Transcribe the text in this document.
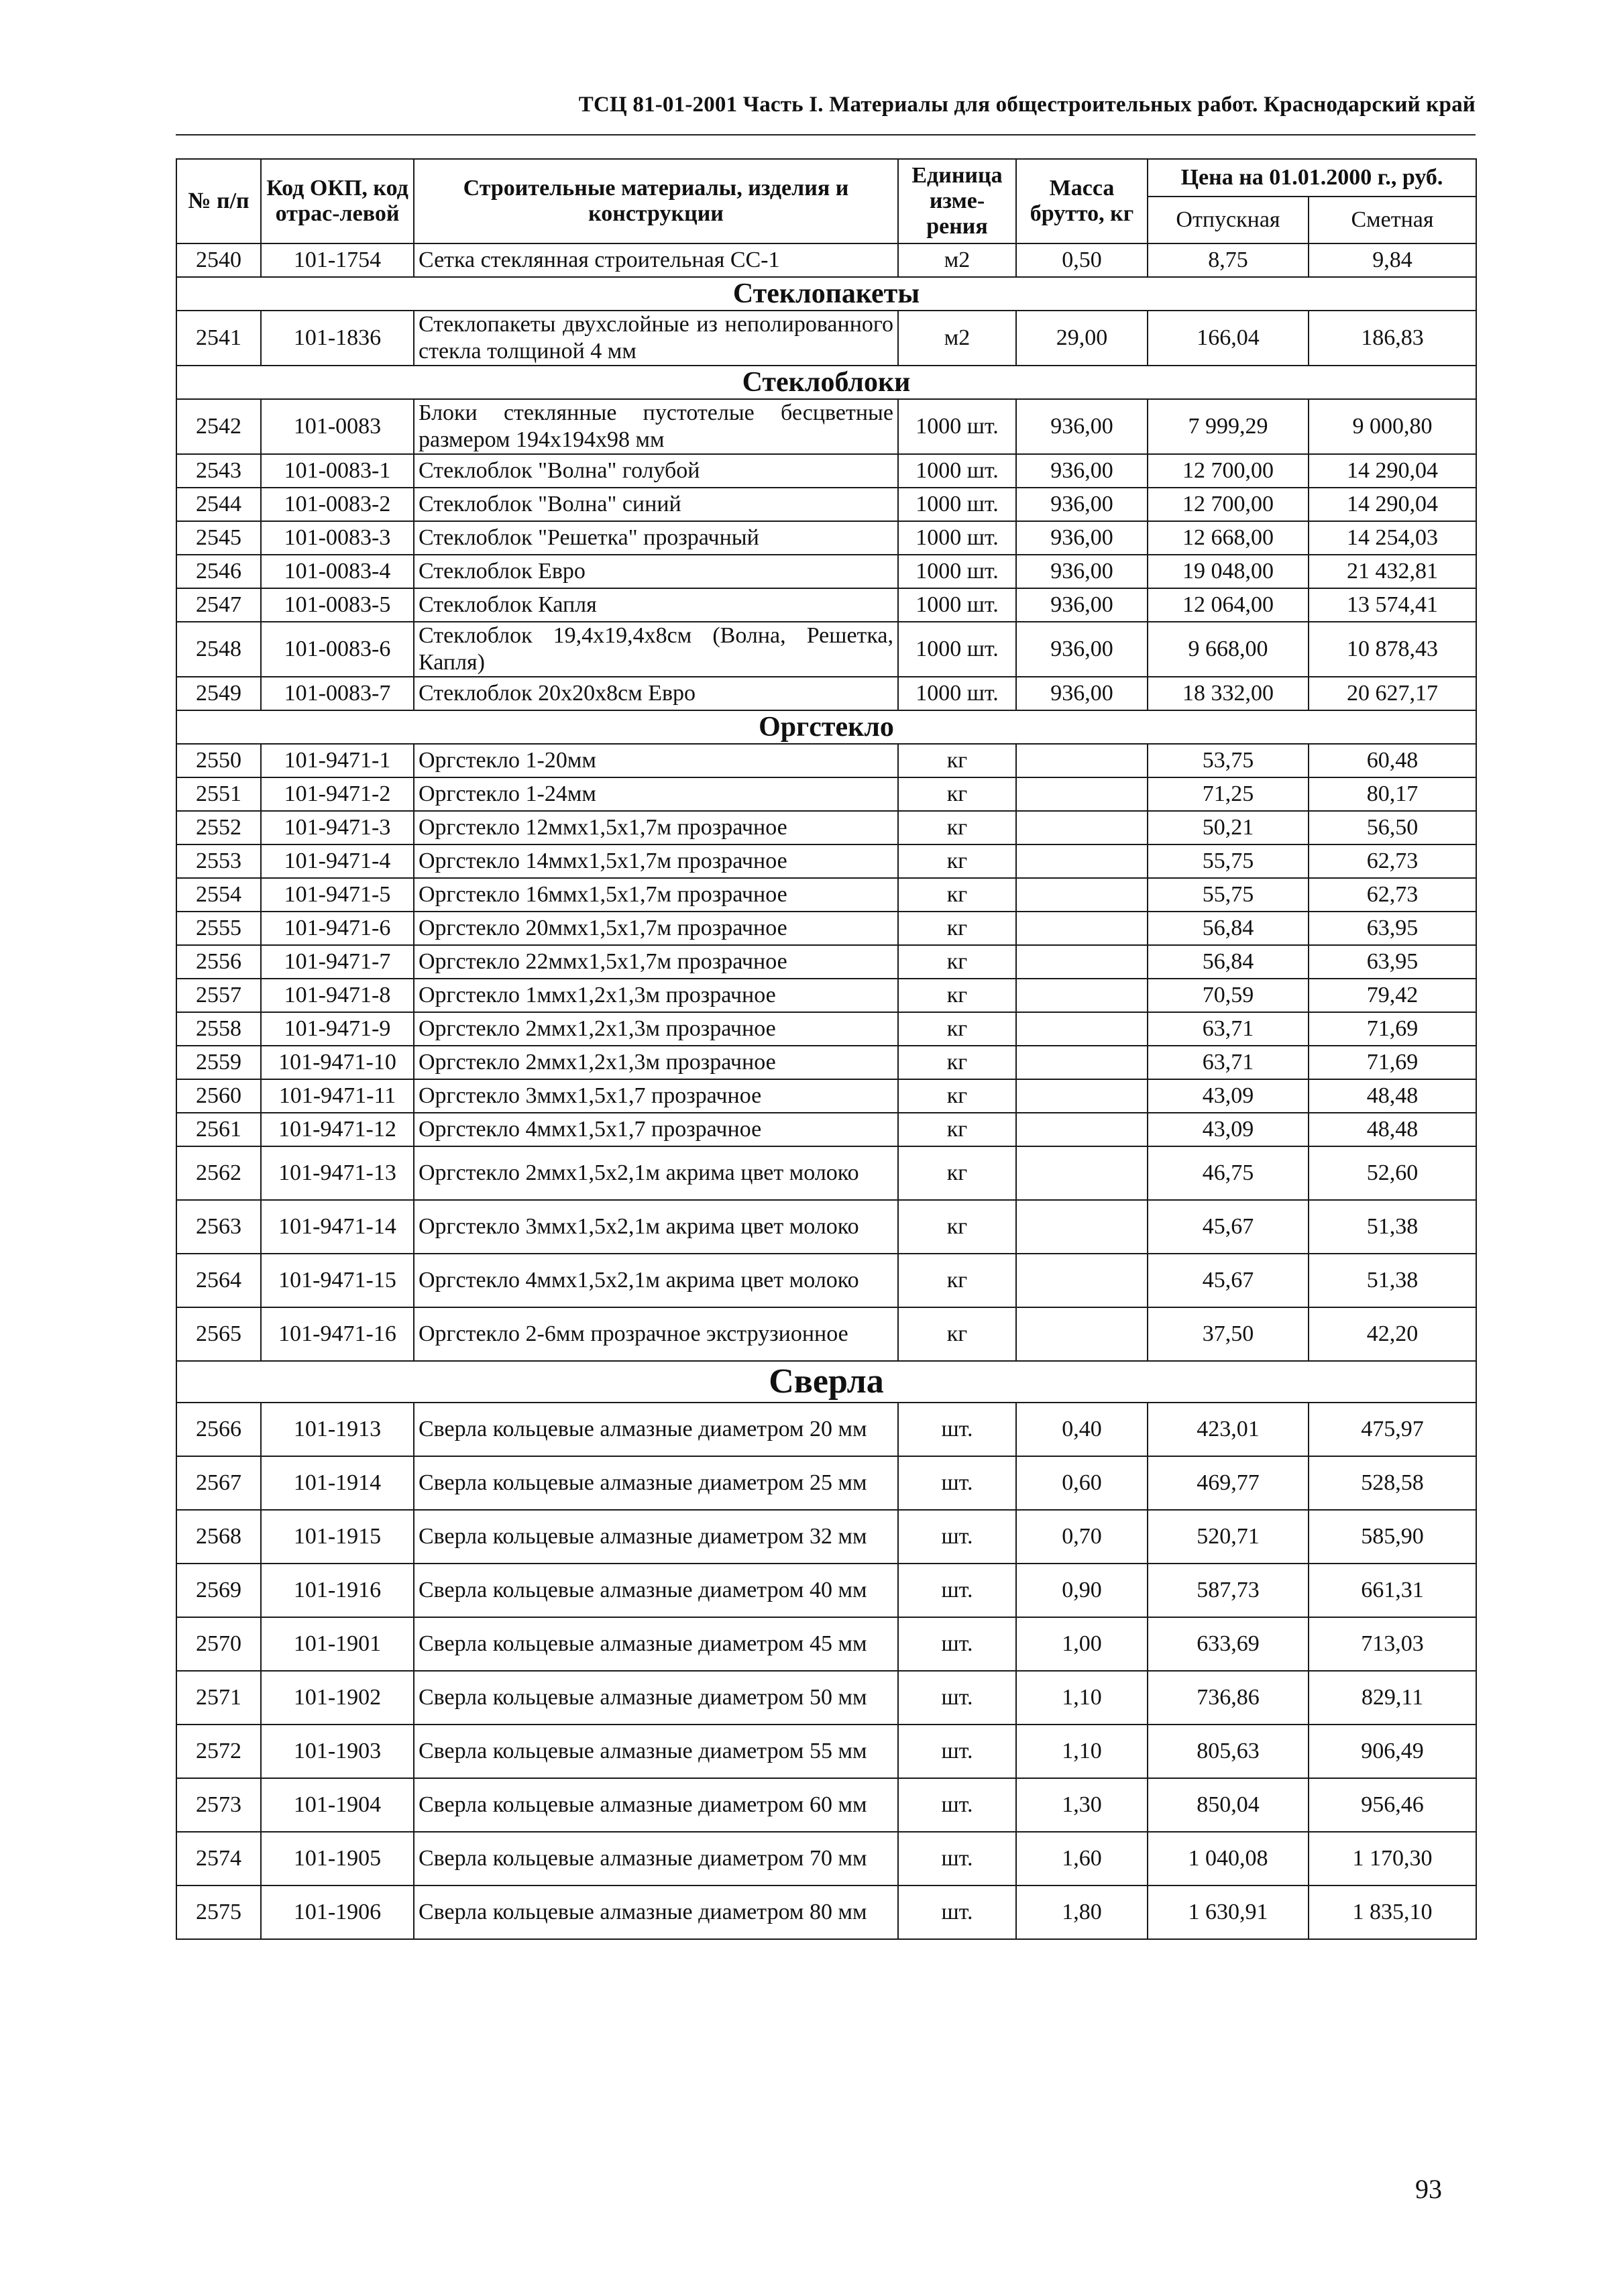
ТСЦ 81-01-2001 Часть I. Материалы для общестроительных работ. Краснодарский край
№ п/п	Код ОКП, код отрас-левой	Строительные материалы, изделия и конструкции	Единица изме-рения	Масса брутто, кг	Цена на 01.01.2000 г., руб.	
					Отпускная	Сметная
2540	101-1754	Сетка стеклянная строительная СС-1	м2	0,50	8,75	9,84
Стеклопакеты						
2541	101-1836	Стеклопакеты двухслойные из неполированного стекла толщиной 4 мм	м2	29,00	166,04	186,83
Стеклоблоки						
2542	101-0083	Блоки стеклянные пустотелые бесцветные размером 194x194x98 мм	1000 шт.	936,00	7 999,29	9 000,80
2543	101-0083-1	Стеклоблок "Волна" голубой	1000 шт.	936,00	12 700,00	14 290,04
2544	101-0083-2	Стеклоблок "Волна" синий	1000 шт.	936,00	12 700,00	14 290,04
2545	101-0083-3	Стеклоблок "Решетка" прозрачный	1000 шт.	936,00	12 668,00	14 254,03
2546	101-0083-4	Стеклоблок Евро	1000 шт.	936,00	19 048,00	21 432,81
2547	101-0083-5	Стеклоблок Капля	1000 шт.	936,00	12 064,00	13 574,41
2548	101-0083-6	Стеклоблок 19,4x19,4x8см (Волна, Решетка, Капля)	1000 шт.	936,00	9 668,00	10 878,43
2549	101-0083-7	Стеклоблок 20x20x8см Евро	1000 шт.	936,00	18 332,00	20 627,17
Оргстекло						
2550	101-9471-1	Оргстекло 1-20мм	кг		53,75	60,48
2551	101-9471-2	Оргстекло 1-24мм	кг		71,25	80,17
2552	101-9471-3	Оргстекло 12ммх1,5х1,7м прозрачное	кг		50,21	56,50
2553	101-9471-4	Оргстекло 14ммх1,5х1,7м прозрачное	кг		55,75	62,73
2554	101-9471-5	Оргстекло 16ммх1,5х1,7м прозрачное	кг		55,75	62,73
2555	101-9471-6	Оргстекло 20ммх1,5х1,7м прозрачное	кг		56,84	63,95
2556	101-9471-7	Оргстекло 22ммх1,5х1,7м прозрачное	кг		56,84	63,95
2557	101-9471-8	Оргстекло 1ммх1,2х1,3м прозрачное	кг		70,59	79,42
2558	101-9471-9	Оргстекло 2ммх1,2х1,3м прозрачное	кг		63,71	71,69
2559	101-9471-10	Оргстекло 2ммх1,2х1,3м прозрачное	кг		63,71	71,69
2560	101-9471-11	Оргстекло 3ммх1,5х1,7 прозрачное	кг		43,09	48,48
2561	101-9471-12	Оргстекло 4ммх1,5х1,7 прозрачное	кг		43,09	48,48
2562	101-9471-13	Оргстекло 2ммх1,5х2,1м акрима цвет молоко	кг		46,75	52,60
2563	101-9471-14	Оргстекло 3ммх1,5х2,1м акрима цвет молоко	кг		45,67	51,38
2564	101-9471-15	Оргстекло 4ммх1,5х2,1м акрима цвет молоко	кг		45,67	51,38
2565	101-9471-16	Оргстекло 2-6мм прозрачное экструзионное	кг		37,50	42,20
Сверла						
2566	101-1913	Сверла кольцевые алмазные диаметром 20 мм	шт.	0,40	423,01	475,97
2567	101-1914	Сверла кольцевые алмазные диаметром 25 мм	шт.	0,60	469,77	528,58
2568	101-1915	Сверла кольцевые алмазные диаметром 32 мм	шт.	0,70	520,71	585,90
2569	101-1916	Сверла кольцевые алмазные диаметром 40 мм	шт.	0,90	587,73	661,31
2570	101-1901	Сверла кольцевые алмазные диаметром 45 мм	шт.	1,00	633,69	713,03
2571	101-1902	Сверла кольцевые алмазные диаметром 50 мм	шт.	1,10	736,86	829,11
2572	101-1903	Сверла кольцевые алмазные диаметром 55 мм	шт.	1,10	805,63	906,49
2573	101-1904	Сверла кольцевые алмазные диаметром 60 мм	шт.	1,30	850,04	956,46
2574	101-1905	Сверла кольцевые алмазные диаметром 70 мм	шт.	1,60	1 040,08	1 170,30
2575	101-1906	Сверла кольцевые алмазные диаметром 80 мм	шт.	1,80	1 630,91	1 835,10
93
